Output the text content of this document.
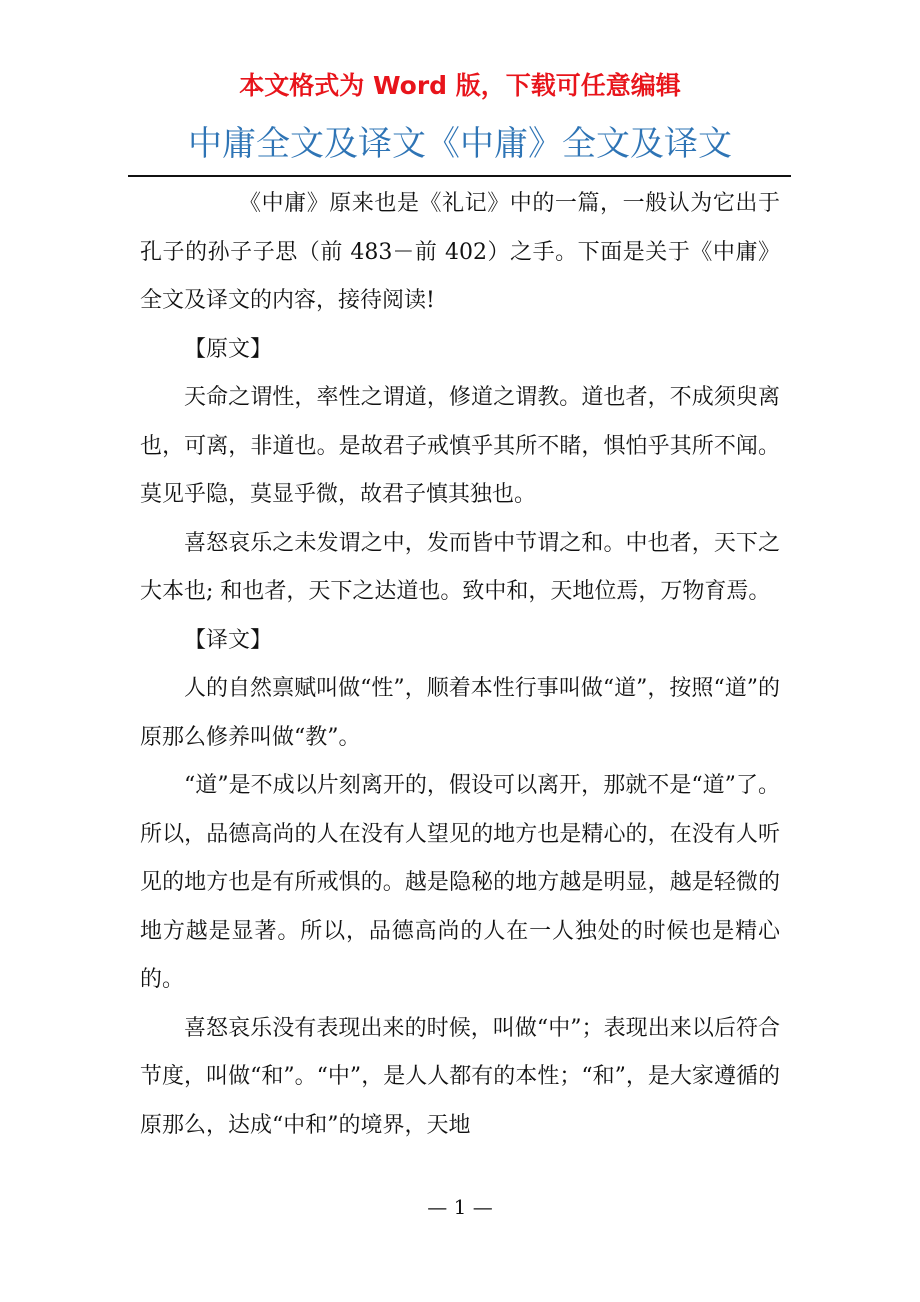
本文格式为 Word 版，下载可任意编辑
中庸全文及译文《中庸》全文及译文

《中庸》原来也是《礼记》中的一篇，一般认为它出于孔子的孙子子思（前 483－前 402）之手。下面是关于《中庸》全文及译文的内容，接待阅读!

【原文】

天命之谓性，率性之谓道，修道之谓教。道也者，不成须臾离也，可离，非道也。是故君子戒慎乎其所不睹，惧怕乎其所不闻。莫见乎隐，莫显乎微，故君子慎其独也。

喜怒哀乐之未发谓之中，发而皆中节谓之和。中也者，天下之大本也; 和也者，天下之达道也。致中和，天地位焉，万物育焉。

【译文】

人的自然禀赋叫做“性”，顺着本性行事叫做“道”，按照“道”的原那么修养叫做“教”。

“道”是不成以片刻离开的，假设可以离开，那就不是“道”了。所以，品德高尚的人在没有人望见的地方也是精心的，在没有人听见的地方也是有所戒惧的。越是隐秘的地方越是明显，越是轻微的地方越是显著。所以，品德高尚的人在一人独处的时候也是精心的。

喜怒哀乐没有表现出来的时候，叫做“中”；表现出来以后符合节度，叫做“和”。“中”，是人人都有的本性；“和”，是大家遵循的原那么，达成“中和”的境界，天地

— 1 —
